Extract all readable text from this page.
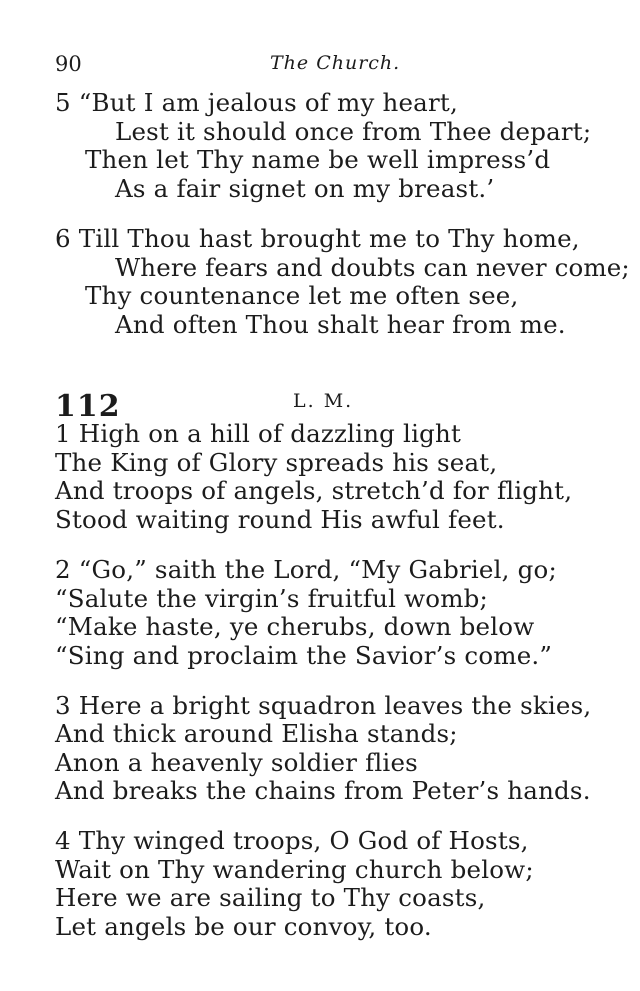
90	The Church.
5 “But I am jealous of my heart,
Lest it should once from Thee depart;
Then let Thy name be well impress’d
As a fair signet on my breast.’
6 Till Thou hast brought me to Thy home,
Where fears and doubts can never come;
Thy countenance let me often see,
And often Thou shalt hear from me.
112	L. M.
1 High on a hill of dazzling light
The King of Glory spreads his seat,
And troops of angels, stretch’d for flight,
Stood waiting round His awful feet.
2 “Go,” saith the Lord, “My Gabriel, go;
“Salute the virgin’s fruitful womb;
“Make haste, ye cherubs, down below
“Sing and proclaim the Savior’s come.”
3 Here a bright squadron leaves the skies,
And thick around Elisha stands;
Anon a heavenly soldier flies
And breaks the chains from Peter’s hands.
4 Thy winged troops, O God of Hosts,
Wait on Thy wandering church below;
Here we are sailing to Thy coasts,
Let angels be our convoy, too.
